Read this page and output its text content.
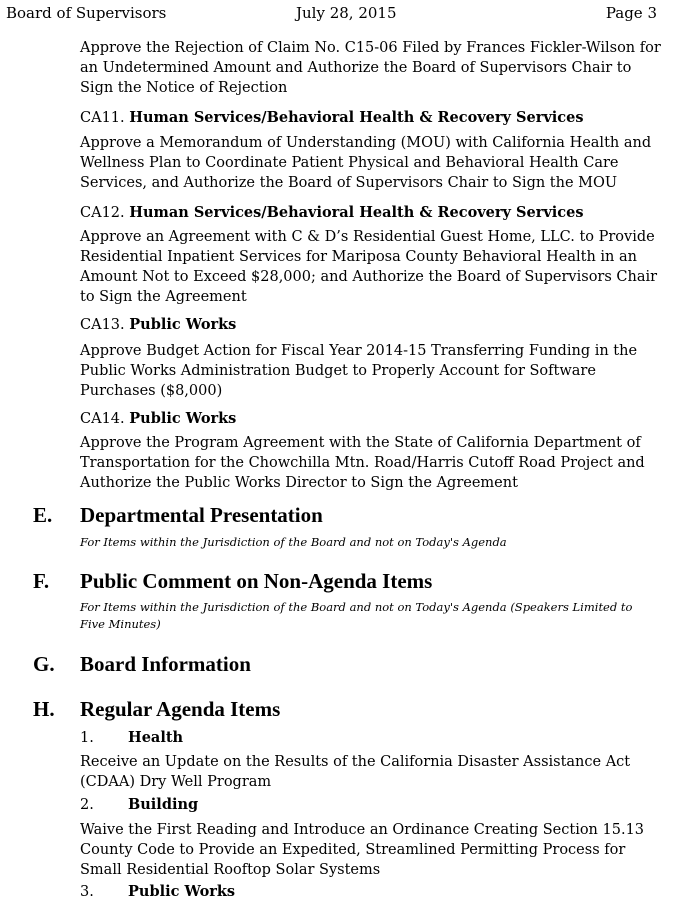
Board of Supervisors	July 28, 2015	Page 3

Approve the Rejection of Claim No. C15-06 Filed by Frances Fickler-Wilson for an Undetermined Amount and Authorize the Board of Supervisors Chair to Sign the Notice of Rejection

CA11. Human Services/Behavioral Health & Recovery Services

Approve a Memorandum of Understanding (MOU) with California Health and Wellness Plan to Coordinate Patient Physical and Behavioral Health Care Services, and Authorize the Board of Supervisors Chair to Sign the MOU

CA12. Human Services/Behavioral Health & Recovery Services

Approve an Agreement with C & D’s Residential Guest Home, LLC. to Provide Residential Inpatient Services for Mariposa County Behavioral Health in an Amount Not to Exceed $28,000; and Authorize the Board of Supervisors Chair to Sign the Agreement

CA13. Public Works

Approve Budget Action for Fiscal Year 2014-15 Transferring Funding in the Public Works Administration Budget to Properly Account for Software Purchases ($8,000)

CA14. Public Works

Approve the Program Agreement with the State of California Department of Transportation for the Chowchilla Mtn. Road/Harris Cutoff Road Project and Authorize the Public Works Director to Sign the Agreement

E. Departmental Presentation
For Items within the Jurisdiction of the Board and not on Today's Agenda
F. Public Comment on Non-Agenda Items
For Items within the Jurisdiction of the Board and not on Today's Agenda (Speakers Limited to Five Minutes)
G. Board Information
H. Regular Agenda Items
1. Health

Receive an Update on the Results of the California Disaster Assistance Act (CDAA) Dry Well Program

2. Building

Waive the First Reading and Introduce an Ordinance Creating Section 15.13 County Code to Provide an Expedited, Streamlined Permitting Process for Small Residential Rooftop Solar Systems

3. Public Works
